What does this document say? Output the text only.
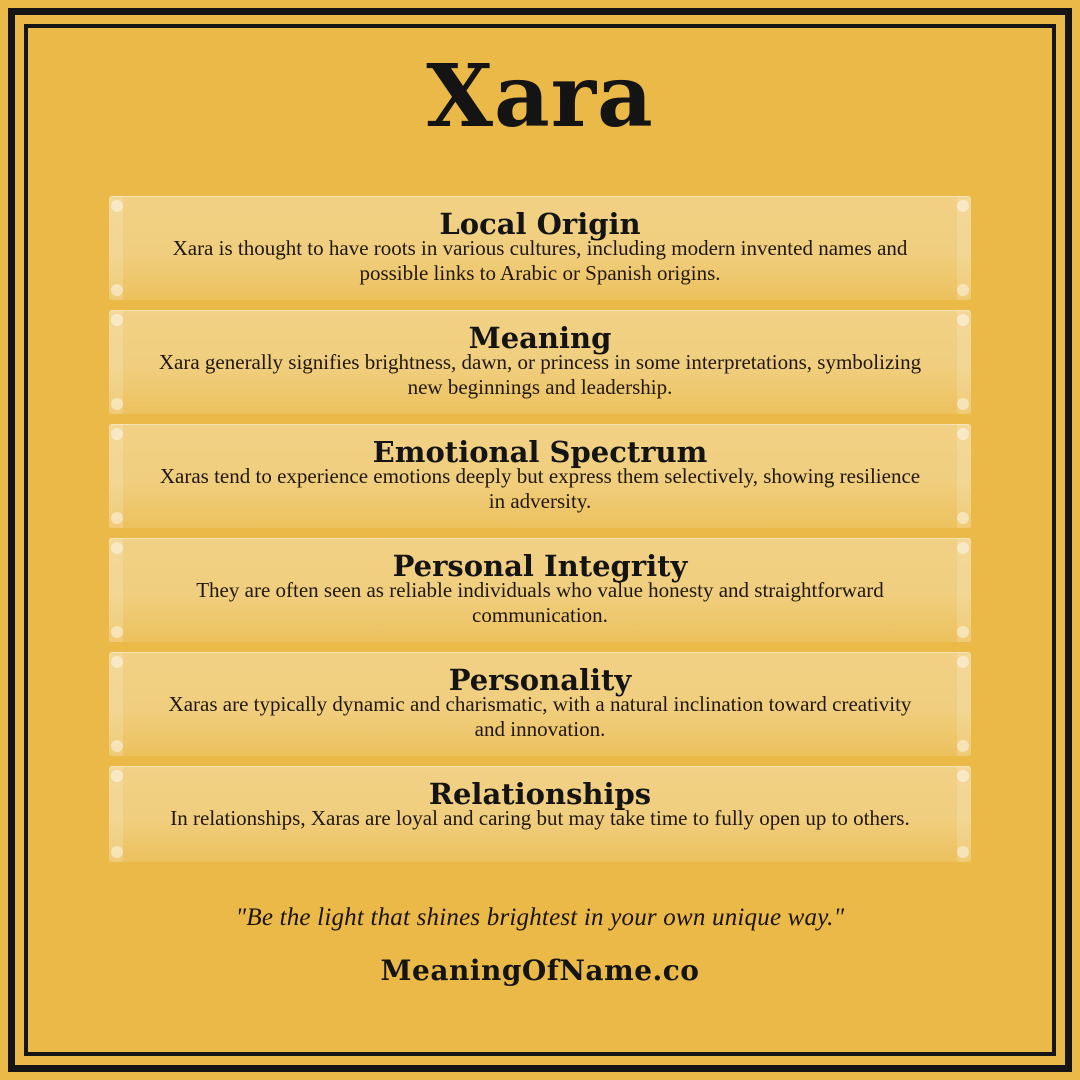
Xara
Local Origin
Xara is thought to have roots in various cultures, including modern invented names and possible links to Arabic or Spanish origins.
Meaning
Xara generally signifies brightness, dawn, or princess in some interpretations, symbolizing new beginnings and leadership.
Emotional Spectrum
Xaras tend to experience emotions deeply but express them selectively, showing resilience in adversity.
Personal Integrity
They are often seen as reliable individuals who value honesty and straightforward communication.
Personality
Xaras are typically dynamic and charismatic, with a natural inclination toward creativity and innovation.
Relationships
In relationships, Xaras are loyal and caring but may take time to fully open up to others.
"Be the light that shines brightest in your own unique way."
MeaningOfName.co
